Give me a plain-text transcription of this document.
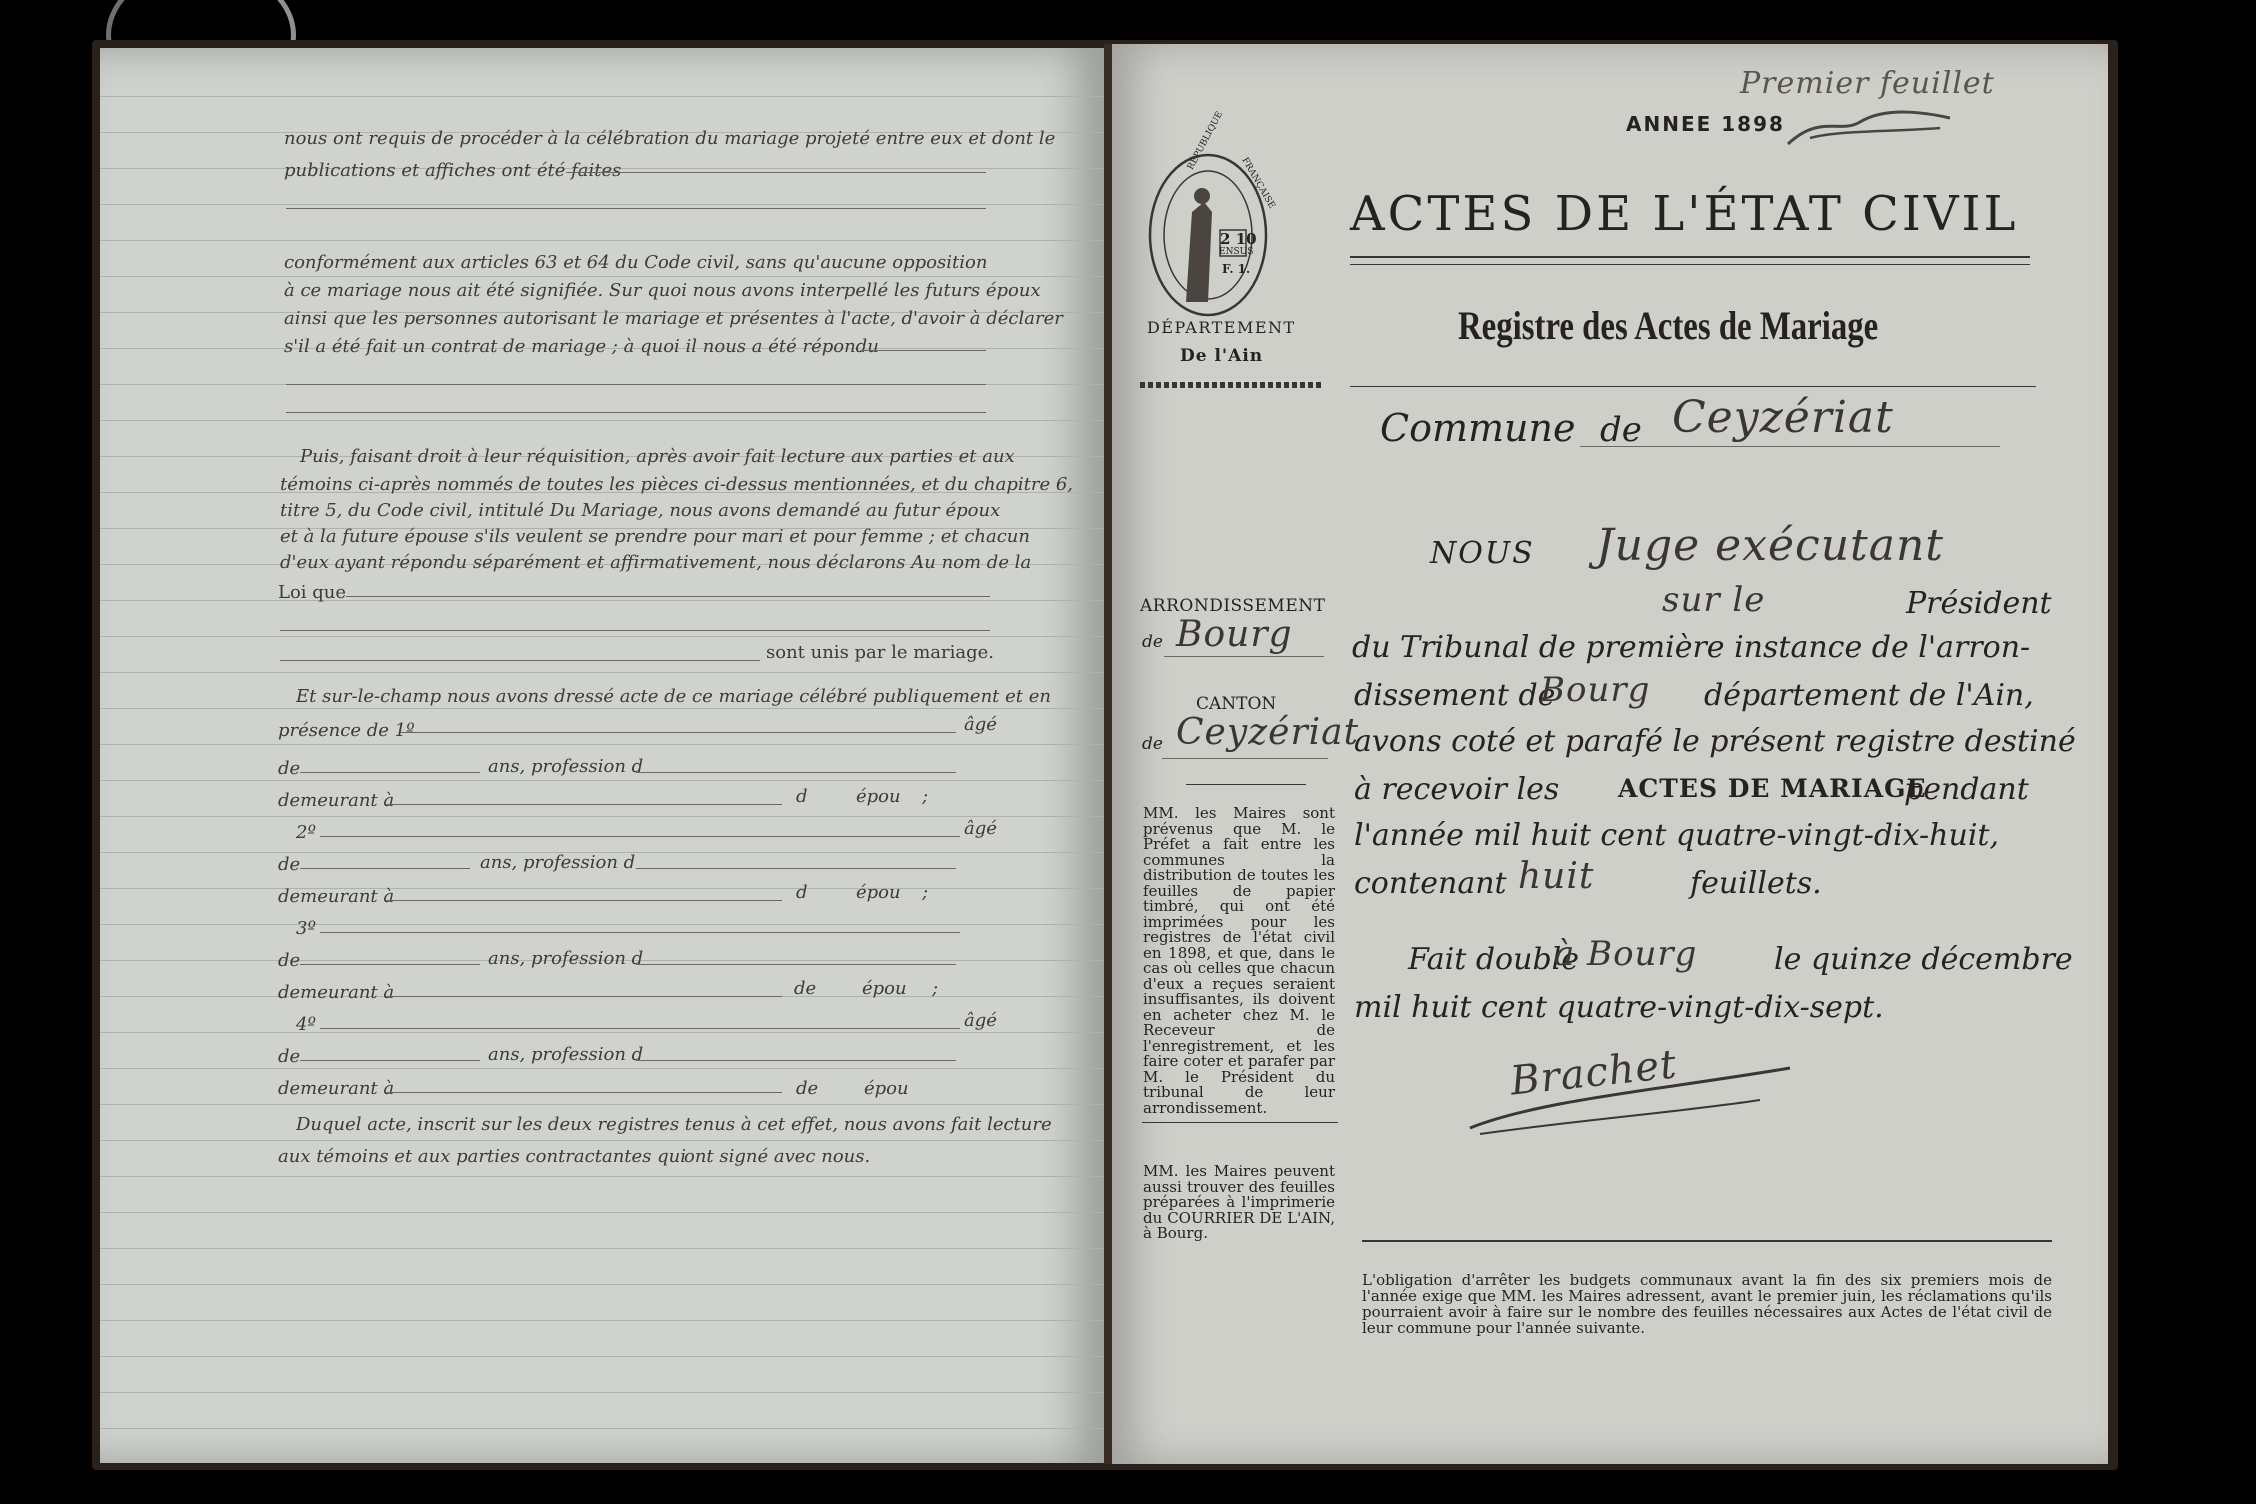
nous ont requis de procéder à la célébration du mariage projeté entre eux et dont le
publications et affiches ont été faites
conformément aux articles 63 et 64 du Code civil, sans qu'aucune opposition
à ce mariage nous ait été signifiée. Sur quoi nous avons interpellé les futurs époux
ainsi que les personnes autorisant le mariage et présentes à l'acte, d'avoir à déclarer
s'il a été fait un contrat de mariage ; à quoi il nous a été répondu
Puis, faisant droit à leur réquisition, après avoir fait lecture aux parties et aux
témoins ci-après nommés de toutes les pièces ci-dessus mentionnées, et du chapitre 6,
titre 5, du Code civil, intitulé Du Mariage, nous avons demandé au futur époux
et à la future épouse s'ils veulent se prendre pour mari et pour femme ; et chacun
d'eux ayant répondu séparément et affirmativement, nous déclarons Au nom de la
Loi que
sont unis par le mariage.
Et sur-le-champ nous avons dressé acte de ce mariage célébré publiquement et en
présence de 1º	âgé
de	ans, profession d
demeurant à	d	épou ;
2º	âgé
de	ans, profession d
demeurant à	d	épou ;
3º
de	ans, profession d
demeurant à	de	épou ;
4º	âgé
de	ans, profession d
demeurant à	de	épou
Duquel acte, inscrit sur les deux registres tenus à cet effet, nous avons fait lecture
aux témoins et aux parties contractantes qui
ont signé avec nous.
Premier feuillet
ANNEE 1898
RÉPUBLIQUE
FRANÇAISE
2 10
ENSUS
F. 1.
DÉPARTEMENT
De l'Ain
ACTES DE L'ÉTAT CIVIL
Registre des Actes de Mariage
Commune de Ceyzériat
NOUS Juge exécutant
sur le	Président
ARRONDISSEMENT
de Bourg
CANTON
de Ceyzériat
du Tribunal de première instance de l'arron-
dissement de
Bourg département de l'Ain,
avons coté et parafé le présent registre destiné
à recevoir les ACTES DE MARIAGE
pendant
l'année mil huit cent quatre-vingt-dix-huit,
contenant huit	feuillets.
Fait double
à Bourg	le quinze décembre
mil huit cent quatre-vingt-dix-sept.
Brachet
MM. les Maires sont prévenus que M. le Préfet a fait entre les communes la distribution de toutes les feuilles de papier timbré, qui ont été imprimées pour les registres de l'état civil en 1898, et que, dans le cas où celles que chacun d'eux a reçues seraient insuffisantes, ils doivent en acheter chez M. le Receveur de l'enregistrement, et les faire coter et parafer par M. le Président du tribunal de leur arrondissement.
MM. les Maires peuvent aussi trouver des feuilles préparées à l'imprimerie du COURRIER DE L'AIN, à Bourg.
L'obligation d'arrêter les budgets communaux avant la fin des six premiers mois de l'année exige que MM. les Maires adressent, avant le premier juin, les réclamations qu'ils pourraient avoir à faire sur le nombre des feuilles nécessaires aux Actes de l'état civil de leur commune pour l'année suivante.
